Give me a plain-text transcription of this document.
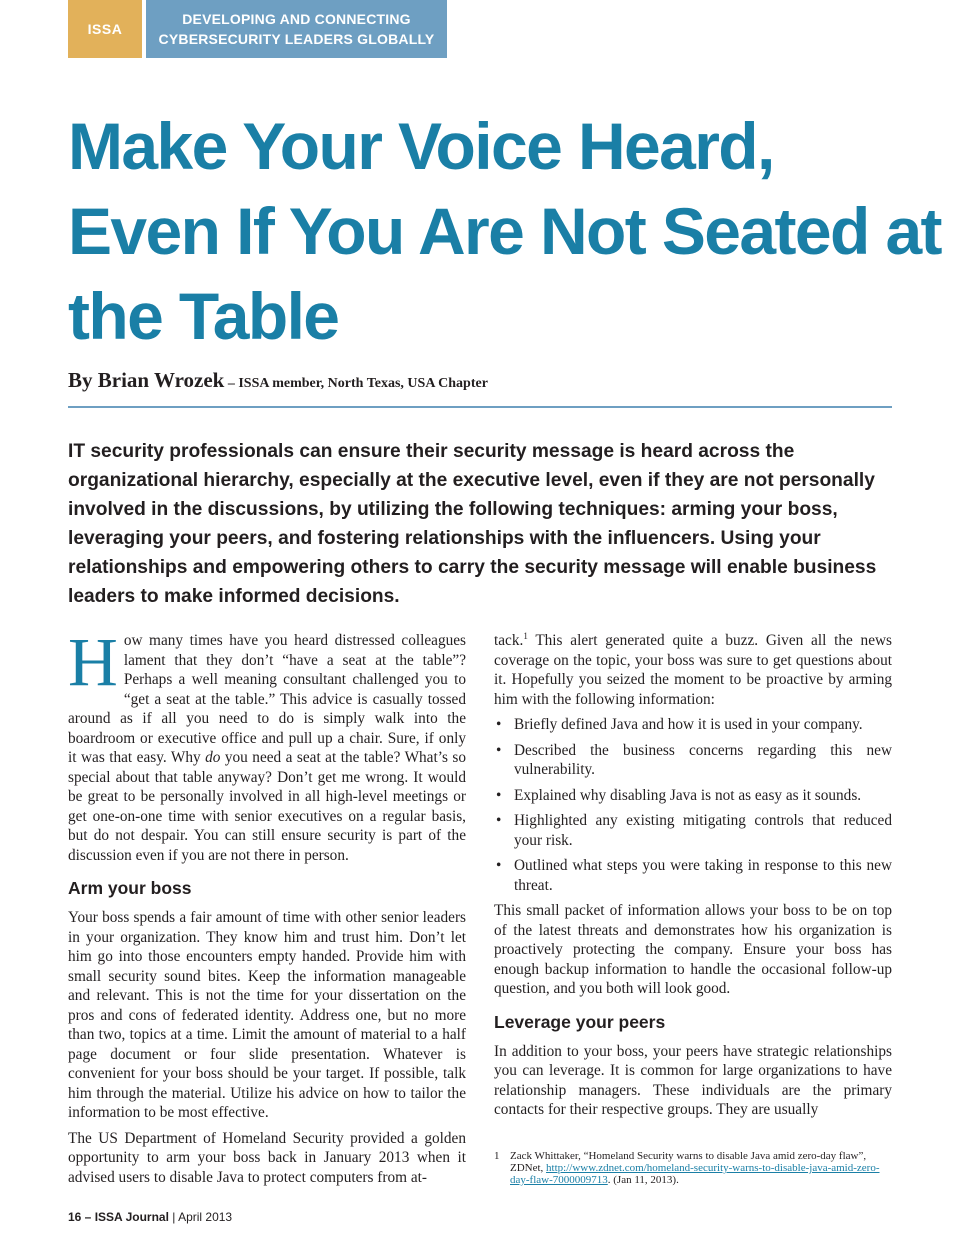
ISSA
DEVELOPING AND CONNECTING
CYBERSECURITY LEADERS GLOBALLY
Make Your Voice Heard,
Even If You Are Not Seated at
the Table
By Brian Wrozek – ISSA member, North Texas, USA Chapter

IT security professionals can ensure their security message is heard across the organizational hierarchy, especially at the executive level, even if they are not personally involved in the discussions, by utilizing the following techniques: arming your boss, leveraging your peers, and fostering relationships with the influencers. Using your relationships and empowering others to carry the security message will enable business leaders to make informed decisions.

How many times have you heard distressed colleagues lament that they don’t “have a seat at the table”? Perhaps a well meaning consultant challenged you to “get a seat at the table.” This advice is casually tossed around as if all you need to do is simply walk into the boardroom or executive office and pull up a chair. Sure, if only it was that easy. Why do you need a seat at the table? What’s so special about that table anyway? Don’t get me wrong. It would be great to be personally involved in all high-level meetings or get one-on-one time with senior executives on a regular basis, but do not despair. You can still ensure security is part of the discussion even if you are not there in person.

Arm your boss

Your boss spends a fair amount of time with other senior leaders in your organization. They know him and trust him. Don’t let him go into those encounters empty handed. Provide him with small security sound bites. Keep the information manageable and relevant. This is not the time for your dissertation on the pros and cons of federated identity. Address one, but no more than two, topics at a time. Limit the amount of material to a half page document or four slide presentation. Whatever is convenient for your boss should be your target. If possible, talk him through the material. Utilize his advice on how to tailor the information to be most effective.

The US Department of Homeland Security provided a golden opportunity to arm your boss back in January 2013 when it advised users to disable Java to protect computers from at-

tack.$^1$ This alert generated quite a buzz. Given all the news coverage on the topic, your boss was sure to get questions about it. Hopefully you seized the moment to be proactive by arming him with the following information:

• Briefly defined Java and how it is used in your company.
• Described the business concerns regarding this new vulnerability.
• Explained why disabling Java is not as easy as it sounds.
• Highlighted any existing mitigating controls that reduced your risk.
• Outlined what steps you were taking in response to this new threat.

This small packet of information allows your boss to be on top of the latest threats and demonstrates how his organization is proactively protecting the company. Ensure your boss has enough backup information to handle the occasional follow-up question, and you both will look good.

Leverage your peers

In addition to your boss, your peers have strategic relationships you can leverage. It is common for large organizations to have relationship managers. These individuals are the primary contacts for their respective groups. They are usually

1 Zack Whittaker, “Homeland Security warns to disable Java amid zero-day flaw”, ZDNet, http://www.zdnet.com/homeland-security-warns-to-disable-java-amid-zero-day-flaw-7000009713. (Jan 11, 2013).
16 – ISSA Journal | April 2013
